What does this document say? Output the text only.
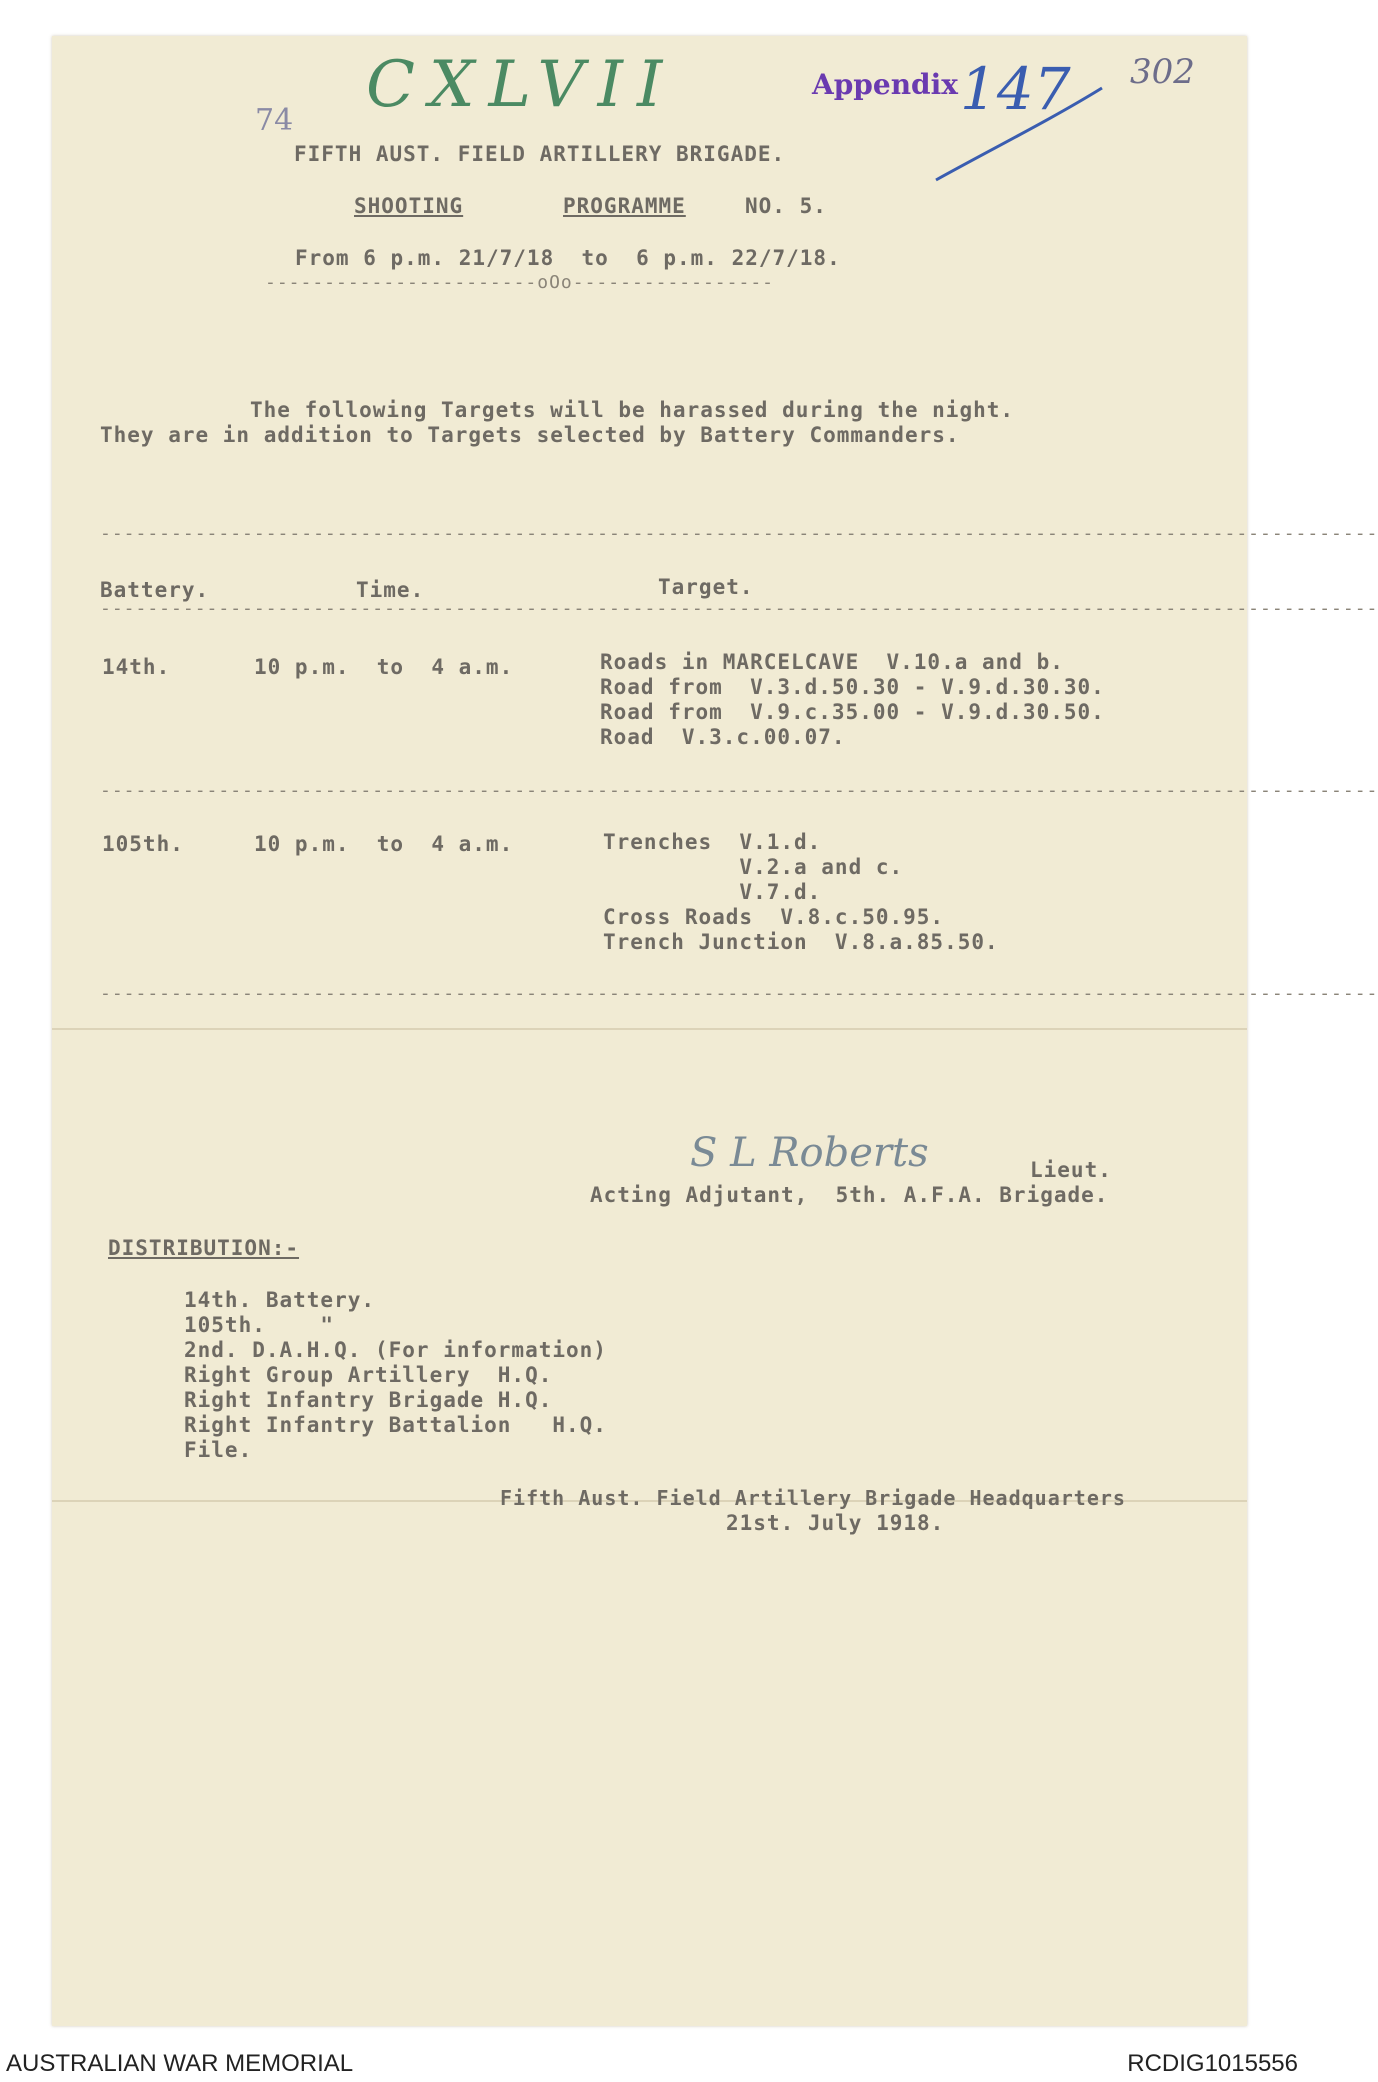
74 CXLVII	Appendix 147 302
FIFTH AUST. FIELD ARTILLERY BRIGADE.
SHOOTING	PROGRAMME	NO. 5.
From 6 p.m. 21/7/18  to  6 p.m. 22/7/18.
-----------------------oOo-----------------
The following Targets will be harassed during the night.
They are in addition to Targets selected by Battery Commanders.
------------------------------------------------------------------------------------------------------------
Battery.	Time.	Target.
------------------------------------------------------------------------------------------------------------
14th.	10 p.m.  to  4 a.m.	Roads in MARCELCAVE  V.10.a and b.
Road from  V.3.d.50.30 - V.9.d.30.30.
Road from  V.9.c.35.00 - V.9.d.30.50.
Road  V.3.c.00.07.
------------------------------------------------------------------------------------------------------------
105th.	10 p.m.  to  4 a.m.	Trenches  V.1.d.
V.2.a and c.
V.7.d.
Cross Roads  V.8.c.50.95.
Trench Junction  V.8.a.85.50.
------------------------------------------------------------------------------------------------------------
S L Roberts	Lieut.
Acting Adjutant,  5th. A.F.A. Brigade.
DISTRIBUTION:-
14th. Battery.
105th.    "
2nd. D.A.H.Q. (For information)
Right Group Artillery  H.Q.
Right Infantry Brigade H.Q.
Right Infantry Battalion   H.Q.
File.
Fifth Aust. Field Artillery Brigade Headquarters
21st. July 1918.
AUSTRALIAN WAR MEMORIAL	RCDIG1015556
